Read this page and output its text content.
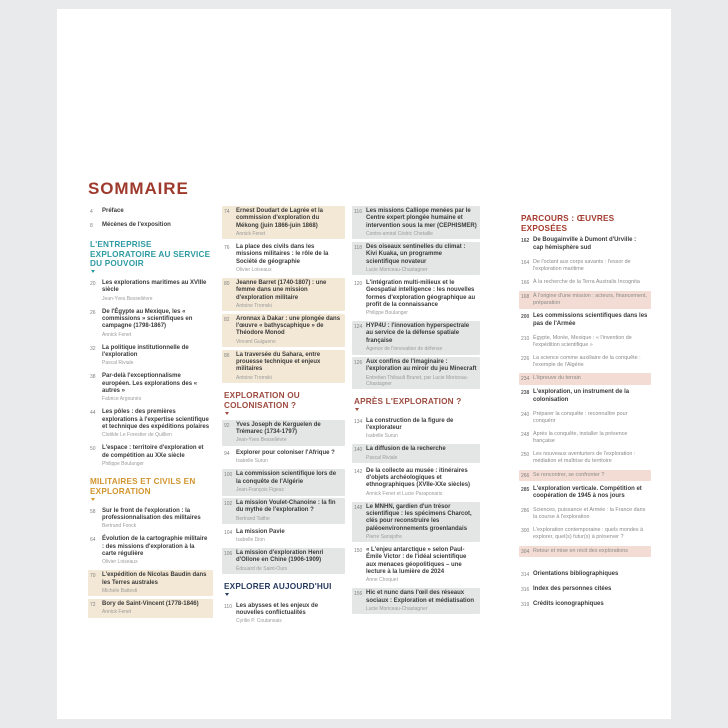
SOMMAIRE
4	Préface
8	Mécènes de l'exposition
L'ENTREPRISE EXPLORATOIRE AU SERVICE DU POUVOIR
20	Les explorations maritimes au XVIIIe siècle
Jean-Yves Besselièvre
26	De l'Égypte au Mexique, les « commissions » scientifiques en campagne (1798-1867)
Annick Fenet
32	La politique institutionnelle de l'exploration
Pascal Riviale
38	Par-delà l'exceptionnalisme européen. Les explorations des « autres »
Fabrice Argounès
44	Les pôles : des premières explorations à l'expertise scientifique et technique des expéditions polaires
Clotilde Le Forestier de Quillien
50	L'espace : territoire d'exploration et de compétition au XXe siècle
Philippe Boulanger
MILITAIRES ET CIVILS EN EXPLORATION
58	Sur le front de l'exploration : la professionnalisation des militaires
Bertrand Fonck
64	Évolution de la cartographie militaire : des missions d'exploration à la carte régulière
Olivier Loiseaux
70	L'expédition de Nicolas Baudin dans les Terres australes
Michèle Battesti
72	Bory de Saint-Vincent (1778-1846)
Annick Fenet
74	Ernest Doudart de Lagrée et la commission d'exploration du Mékong (juin 1866-juin 1868)
Annick Fenet
76	La place des civils dans les missions militaires : le rôle de la Société de géographie
Olivier Loiseaux
80	Jeanne Barret (1740-1807) : une femme dans une mission d'exploration militaire
Antoine Tromski
82	Aronnax à Dakar : une plongée dans l'œuvre « bathyscaphique » de Théodore Monod
Vincent Guigueno
86	La traversée du Sahara, entre prouesse technique et enjeux militaires
Antoine Tromski
EXPLORATION OU COLONISATION ?
92	Yves Joseph de Kerguelen de Trémarec (1734-1797)
Jean-Yves Besselièvre
94	Explorer pour coloniser l'Afrique ?
Isabelle Surun
100 La commission scientifique lors de la conquête de l'Algérie
Jean-François Figeac
102 La mission Voulet-Chanoine : la fin du mythe de l'exploration ?
Bertrand Taithe
104 La mission Pavie
Isabelle Dion
106 La mission d'exploration Henri d'Ollone en Chine (1906-1909)
Édouard de Saint-Ours
EXPLORER AUJOURD'HUI
110 Les abysses et les enjeux de nouvelles conflictualités
Cyrille P. Coutansais
116 Les missions Calliope menées par le Centre expert plongée humaine et intervention sous la mer (CEPHISMER)
Contre-amiral Cédric Chetaille
118 Des oiseaux sentinelles du climat : Kivi Kuaka, un programme scientifique novateur
Lucie Moriceau-Chastagner
120 L'intégration multi-milieux et le Geospatial intelligence : les nouvelles formes d'exploration géographique au profit de la connaissance
Philippe Boulanger
124 HYP4U : l'innovation hyperspectrale au service de la défense spatiale française
Agence de l'innovation de défense
126 Aux confins de l'imaginaire : l'exploration au miroir du jeu Minecraft
Entretien Thibault Brunet, par Lucie Moriceau-Chastagner
APRÈS L'EXPLORATION ?
134 La construction de la figure de l'explorateur
Isabelle Surun
140 La diffusion de la recherche
Pascal Riviale
142 De la collecte au musée : itinéraires d'objets archéologiques et ethnographiques (XVIIe-XXe siècles)
Annick Fenet et Lucie Paraponaris
148 Le MNHN, gardien d'un trésor scientifique : les spécimens Charcot, clés pour reconstruire les paléoenvironnements groenlandais
Pierre Sansjofre
150 « L'enjeu antarctique » selon Paul-Émile Victor : de l'idéal scientifique aux menaces géopolitiques – une lecture à la lumière de 2024
Anne Choquet
156 Hic et nunc dans l'œil des réseaux sociaux : Exploration et médiatisation
Lucie Moriceau-Chastagner
PARCOURS : ŒUVRES EXPOSÉES
162 De Bougainville à Dumont d'Urville : cap hémisphère sud
164 De l'octant aux corps savants : l'essor de l'exploration maritime
166 À la recherche de la Terra Australis Incognita
168 À l'origine d'une mission : acteurs, financement, préparation
200 Les commissions scientifiques dans les pas de l'Armée
210 Égypte, Morée, Mexique : « l'invention de l'expédition scientifique »
226 La science comme auxiliaire de la conquête : l'exemple de l'Algérie
234 L'épreuve du terrain
238 L'exploration, un instrument de la colonisation
240 Préparer la conquête : reconnaître pour conquérir
248 Après la conquête, installer la présence française
250 Les nouveaux aventuriers de l'exploration : médiation et maîtrise du territoire
266 Se rencontrer, se confronter ?
285 L'exploration verticale. Compétition et coopération de 1945 à nos jours
286 Sciences, puissance et Armée : la France dans la course à l'exploration
300 L'exploration contemporaine : quels mondes à explorer, quel(s) futur(s) à préserver ?
304 Retour et mise en récit des explorations
314 Orientations bibliographiques
316 Index des personnes citées
319 Crédits iconographiques
